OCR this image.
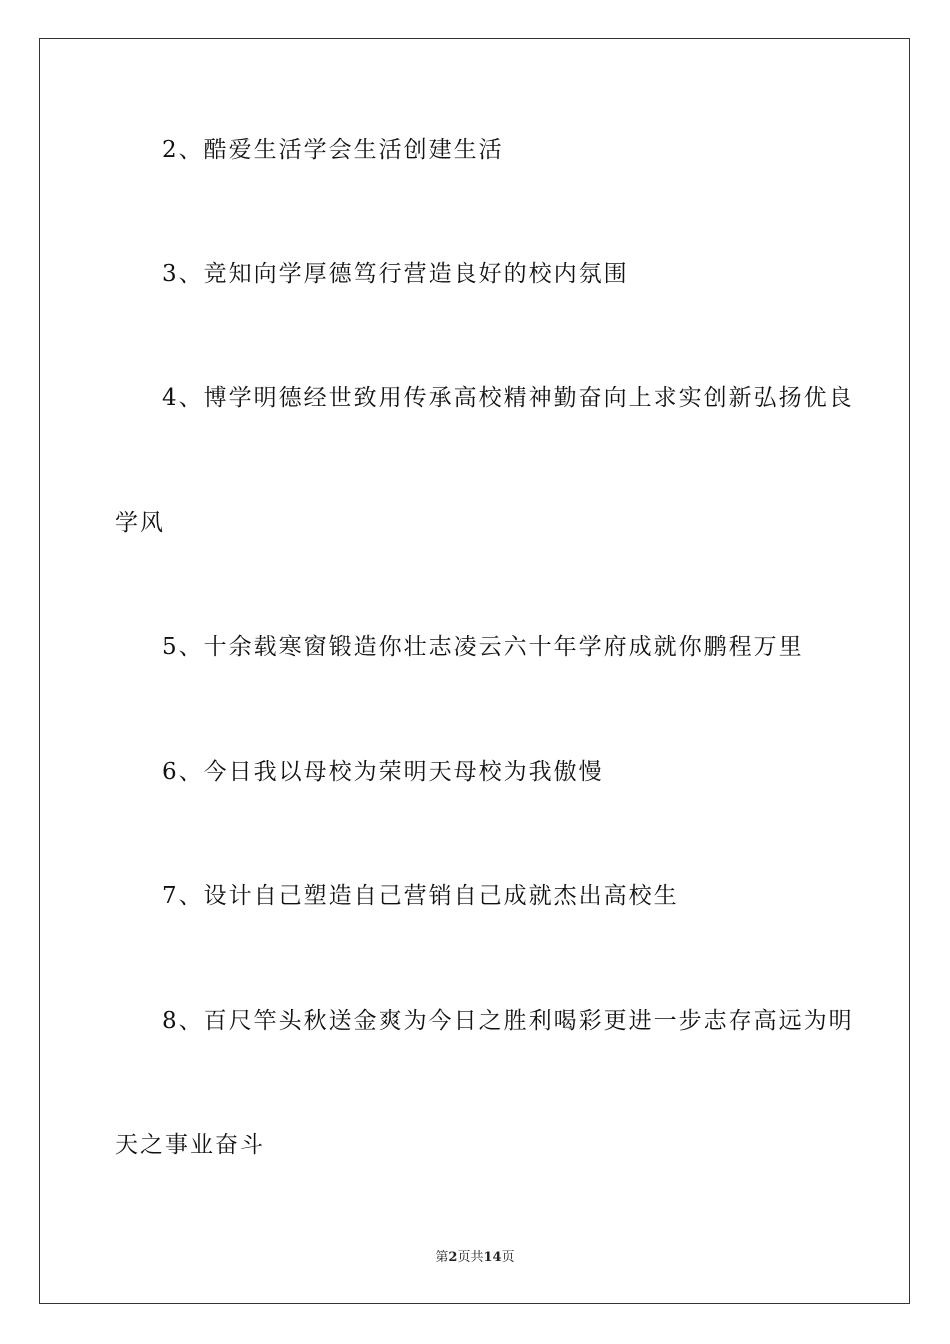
2、酷爱生活学会生活创建生活
3、竞知向学厚德笃行营造良好的校内氛围
4、博学明德经世致用传承高校精神勤奋向上求实创新弘扬优良
学风
5、十余载寒窗锻造你壮志凌云六十年学府成就你鹏程万里
6、今日我以母校为荣明天母校为我傲慢
7、设计自己塑造自己营销自己成就杰出高校生
8、百尺竿头秋送金爽为今日之胜利喝彩更进一步志存高远为明
天之事业奋斗
第2页共14页
